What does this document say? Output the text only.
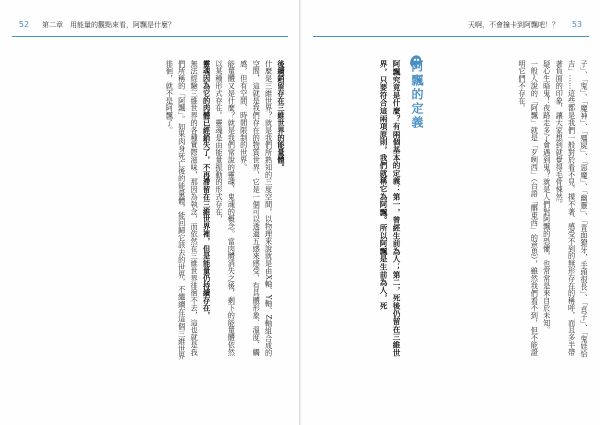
52	第二章　用能量的觀點來看，阿飄是什麼？

後續銷留存在三維世界的能量體。

什麼是三維世界？就是我們所熟知的三度空間，以物理來說就是由X軸、Y軸、Z軸組合成的空間，這就是我們存在的物質世界，它是一個可以透過五感來感受、有具體形象、溫度、觸感，但有空間、時間限制的世界。

能量體又是什麼？就是我們常說的靈魂、鬼魂的概念。當肉體消失之後，剩下的能量體依然以某種形式存在。靈魂是由能量振動的形式存在，

靈魂因為它的肉體已經銷失了，不再滯留在三維世界裡，但是能量仍持續存在，

無法經驗三維世界的各種實際滋味，那因為執念，而依然在三維世界徘徊不去，這也就是我們所稱的「阿飄」。如果肉身死亡後的能量體，能回歸它該去的世界，不繼續在這個三維世界徘徊，就不是阿飄了。

天啊，不會撞卡到阿飄吧！？	53

子」、「鬼」、「魔神」、「殭屍」、「惡魔」、「幽靈」、「青面獠牙，手頭很長」、「貞子」、「鬼娃恰吉」……這些都是我們一般對於看不見、摸不著、感受不到的無形存在的稱呼，而且多半帶著負面的印象，讓大家想到就覺得毛骨悚然。

疑心生暗鬼！夜路走多了會遇到鬼？就是人們對阿飄的恐懼，也常常是來自於未知。

一般人說的「阿飄」就是「歹咧西」（台語「髒東西」的意思），雖然我們看不到，但不能證明它們不存在。

阿飄的定義
阿飄究竟是什麼？有兩個基本的定義：第一，曾經生前為人；第二，死後仍留在三維世界，只要符合這兩項原則，我們就稱它為阿飄。所以阿飄是生前為人，死
